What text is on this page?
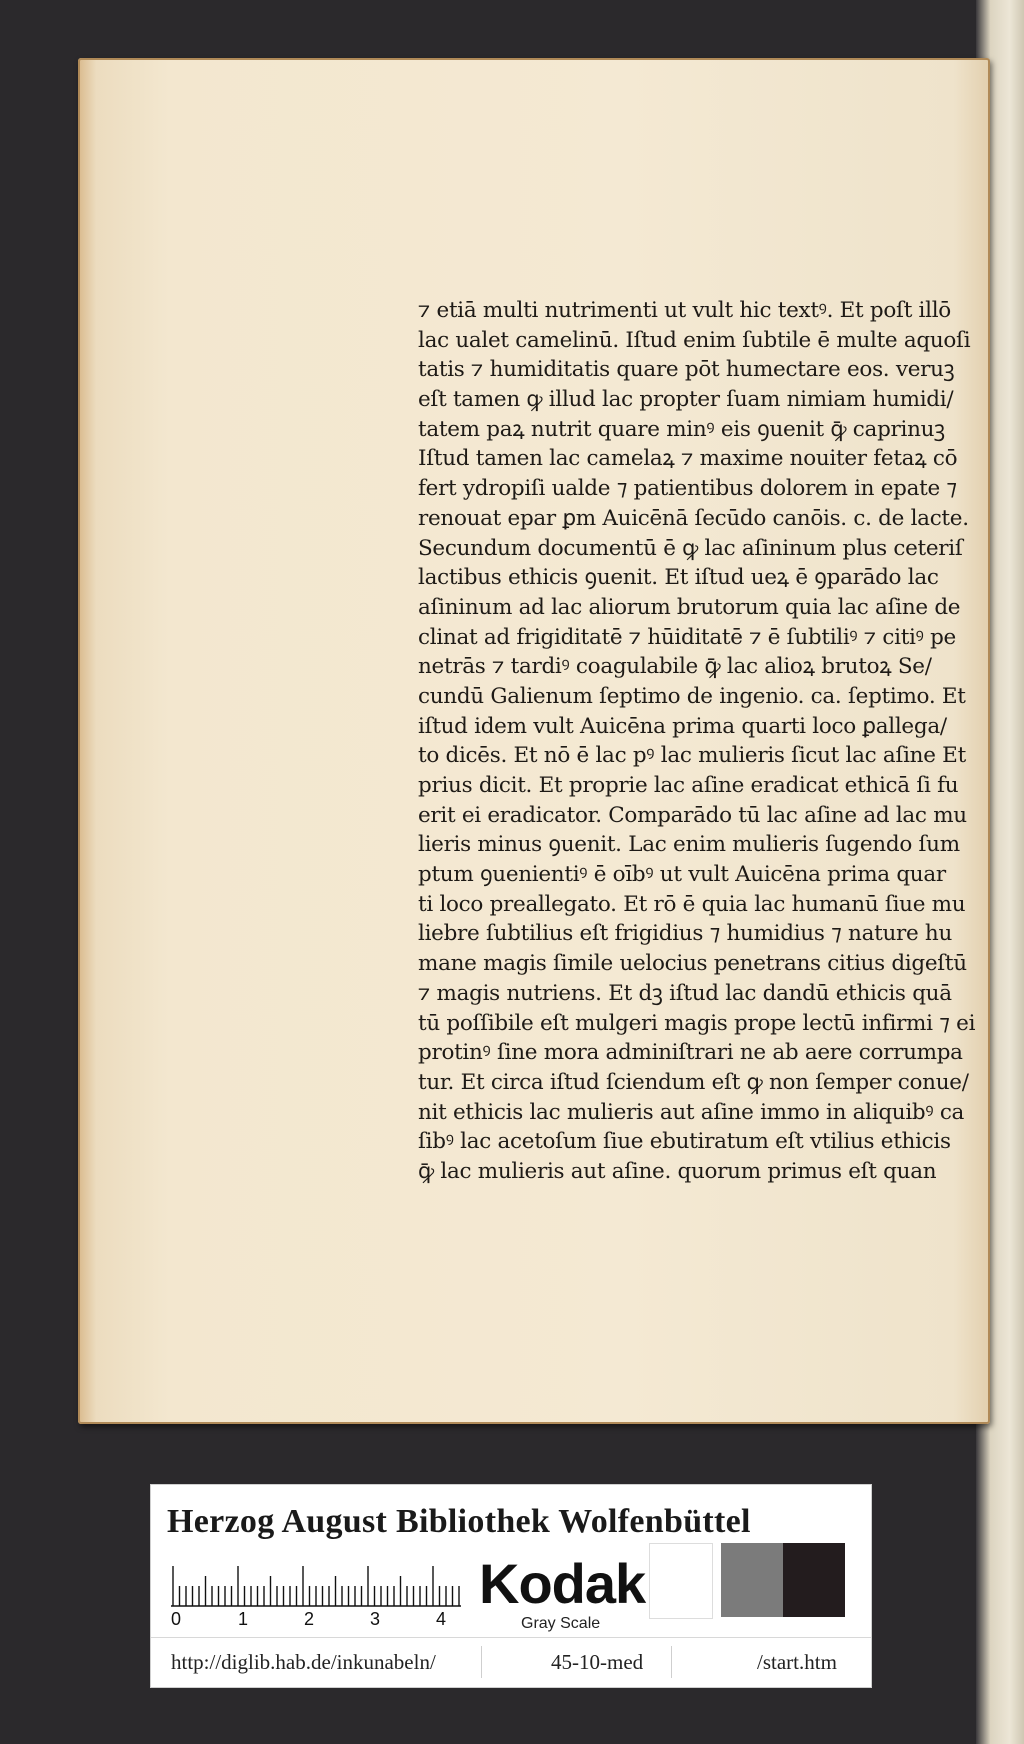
⁊ etiā multi nutrimenti ut vult hic textꝰ. Et poſt illō
lac ualet camelinū. Iſtud enim ſubtile ē multe aquoſi
tatis ⁊ humiditatis quare pōt humectare eos. veruꝫ
eſt tamen ꝙ illud lac propter ſuam nimiam humidi/
tatem paꝝ nutrit quare minꝰ eis ꝯuenit ꝙ̄ caprinuꝫ
Iſtud tamen lac camelaꝝ ⁊ maxime nouiter fetaꝝ cō
fert ydropiſi ualde ⁊ patientibus dolorem in epate ⁊
renouat epar ꝑm Auicēnā ſecūdo canōis. c. de lacte.
Secundum documentū ē ꝙ lac aſininum plus ceteriſ
lactibus ethicis ꝯuenit. Et iſtud ueꝝ ē ꝯparādo lac
aſininum ad lac aliorum brutorum quia lac aſine de
clinat ad frigiditatē ⁊ hūiditatē ⁊ ē ſubtiliꝰ ⁊ citiꝰ pe
netrās ⁊ tardiꝰ coagulabile ꝙ̄ lac alioꝝ brutoꝝ Se/
cundū Galienum ſeptimo de ingenio. ca. ſeptimo. Et
iſtud idem vult Auicēna prima quarti loco ꝑallega/
to dicēs. Et nō ē lac pꝰ lac mulieris ſicut lac aſine Et
prius dicit. Et proprie lac aſine eradicat ethicā ſi fu
erit ei eradicator. Comparādo tū lac aſine ad lac mu
lieris minus ꝯuenit. Lac enim mulieris ſugendo ſum
ptum ꝯuenientiꝰ ē oībꝰ ut vult Auicēna prima quar
ti loco preallegato. Et rō ē quia lac humanū ſiue mu
liebre ſubtilius eſt frigidius ⁊ humidius ⁊ nature hu
mane magis ſimile uelocius penetrans citius digeſtū
⁊ magis nutriens. Et dꝫ iſtud lac dandū ethicis quā
tū poſſibile eſt mulgeri magis prope lectū infirmi ⁊ ei
protinꝰ ſine mora adminiſtrari ne ab aere corrumpa
tur. Et circa iſtud ſciendum eſt ꝙ non ſemper conue/
nit ethicis lac mulieris aut aſine immo in aliquibꝰ ca
ſibꝰ lac acetoſum ſiue ebutiratum eſt vtilius ethicis
ꝙ̄ lac mulieris aut aſine. quorum primus eſt quan
Herzog August Bibliothek Wolfenbüttel
0	1	2	3	4
Kodak
Gray Scale
http://diglib.hab.de/inkunabeln/	45-10-med	/start.htm
